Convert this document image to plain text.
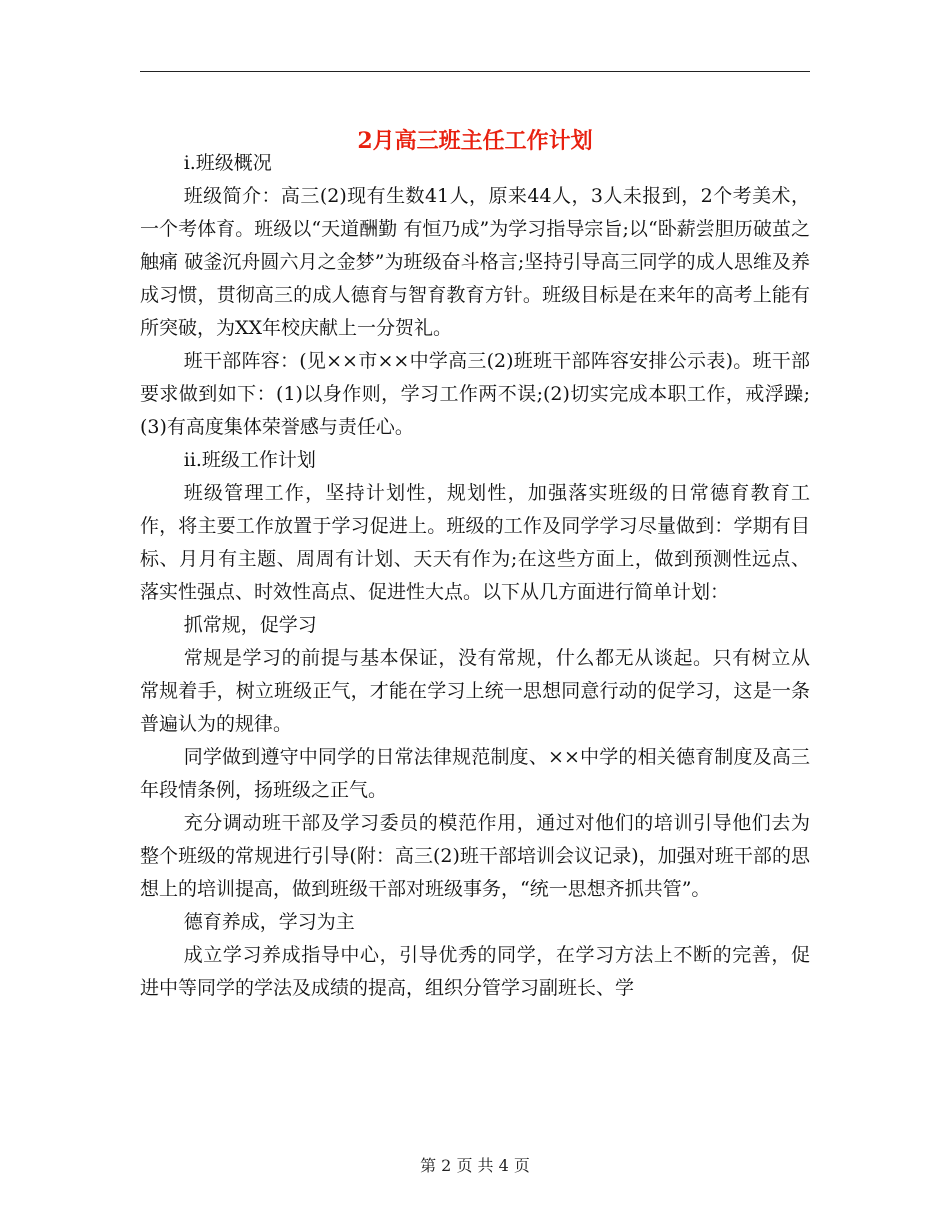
2月高三班主任工作计划

ⅰ.班级概况

班级简介：高三(2)现有生数41人，原来44人，3人未报到，2个考美术，一个考体育。班级以“天道酬勤 有恒乃成”为学习指导宗旨;以“卧薪尝胆历破茧之触痛 破釜沉舟圆六月之金梦”为班级奋斗格言;坚持引导高三同学的成人思维及养成习惯，贯彻高三的成人德育与智育教育方针。班级目标是在来年的高考上能有所突破，为XX年校庆献上一分贺礼。

班干部阵容：(见××市××中学高三(2)班班干部阵容安排公示表)。班干部要求做到如下：(1)以身作则，学习工作两不误;(2)切实完成本职工作，戒浮躁;(3)有高度集体荣誉感与责任心。

ⅱ.班级工作计划

班级管理工作，坚持计划性，规划性，加强落实班级的日常德育教育工作，将主要工作放置于学习促进上。班级的工作及同学学习尽量做到：学期有目标、月月有主题、周周有计划、天天有作为;在这些方面上，做到预测性远点、落实性强点、时效性高点、促进性大点。以下从几方面进行简单计划：

抓常规，促学习

常规是学习的前提与基本保证，没有常规，什么都无从谈起。只有树立从常规着手，树立班级正气，才能在学习上统一思想同意行动的促学习，这是一条普遍认为的规律。

同学做到遵守中同学的日常法律规范制度、××中学的相关德育制度及高三年段情条例，扬班级之正气。

充分调动班干部及学习委员的模范作用，通过对他们的培训引导他们去为整个班级的常规进行引导(附：高三(2)班干部培训会议记录)，加强对班干部的思想上的培训提高，做到班级干部对班级事务，“统一思想齐抓共管”。

德育养成，学习为主

成立学习养成指导中心，引导优秀的同学，在学习方法上不断的完善，促进中等同学的学法及成绩的提高，组织分管学习副班长、学

第 2 页 共 4 页
